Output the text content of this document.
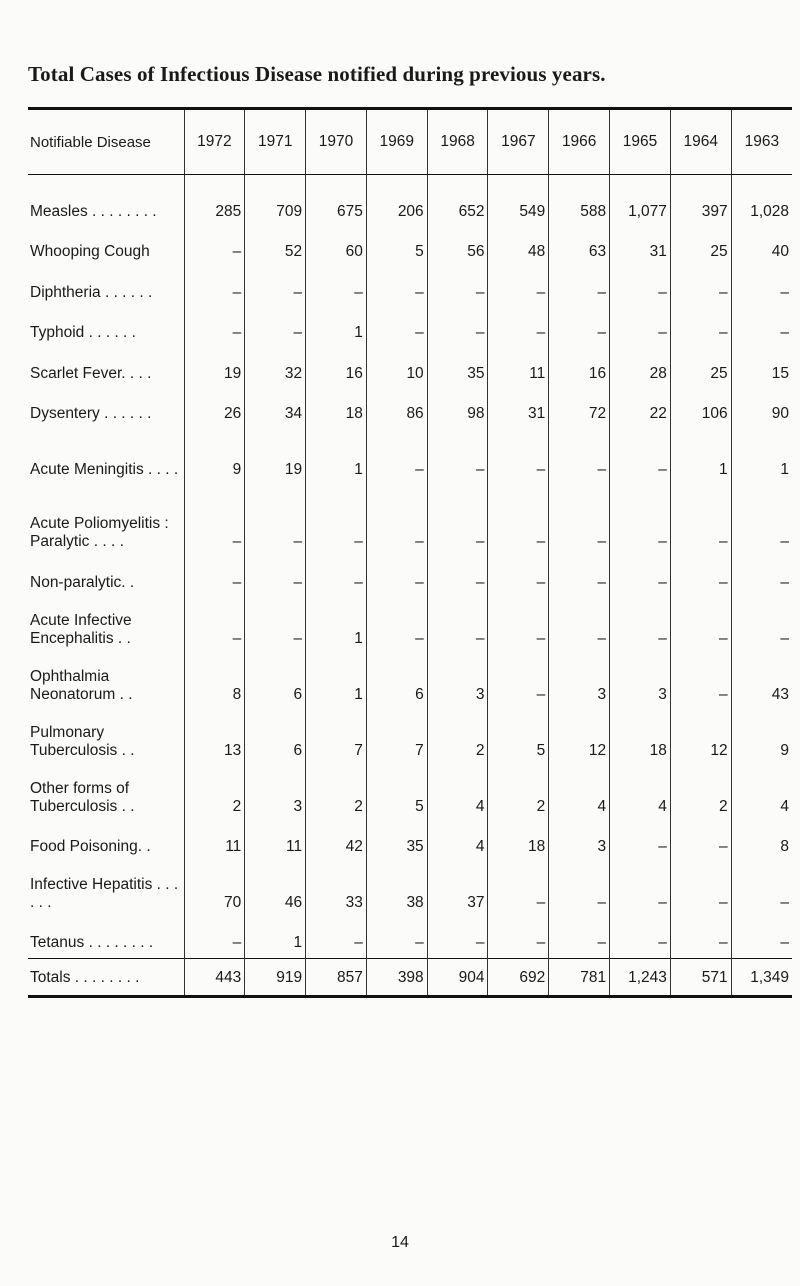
Total Cases of Infectious Disease notified during previous years.
Notifiable Disease	1972	1971	1970	1969	1968	1967	1966	1965	1964	1963
Measles . . . . . . . .	285	709	675	206	652	549	588	1,077	397	1,028
Whooping Cough	–	52	60	5	56	48	63	31	25	40
Diphtheria . . . . . .	–	–	–	–	–	–	–	–	–	–
Typhoid . . . . . .	–	–	1	–	–	–	–	–	–	–
Scarlet Fever. . . .	19	32	16	10	35	11	16	28	25	15
Dysentery . . . . . .	26	34	18	86	98	31	72	22	106	90
Acute Meningitis . . . .	9	19	1	–	–	–	–	–	1	1
Acute Poliomyelitis : Paralytic . . . .	–	–	–	–	–	–	–	–	–	–
Non-paralytic. .	–	–	–	–	–	–	–	–	–	–
Acute Infective Encephalitis . .	–	–	1	–	–	–	–	–	–	–
Ophthalmia Neonatorum . .	8	6	1	6	3	–	3	3	–	43
Pulmonary Tuberculosis . .	13	6	7	7	2	5	12	18	12	9
Other forms of Tuberculosis . .	2	3	2	5	4	2	4	4	2	4
Food Poisoning. .	11	11	42	35	4	18	3	–	–	8
Infective Hepatitis . . . . . .	70	46	33	38	37	–	–	–	–	–
Tetanus . . . . . . . .	–	1	–	–	–	–	–	–	–	–
Totals . . . . . . . .	443	919	857	398	904	692	781	1,243	571	1,349
14
